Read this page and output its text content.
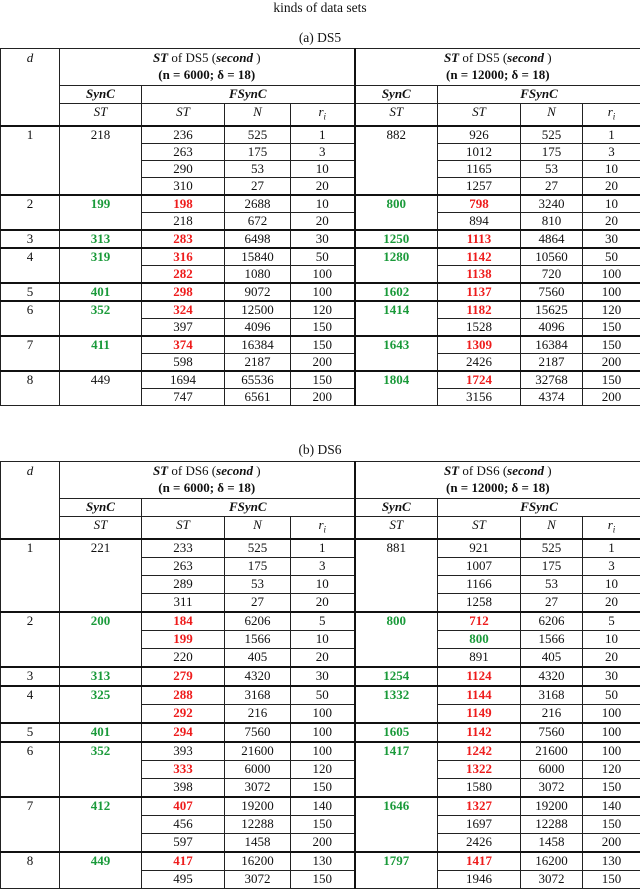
kinds of data sets
(a) DS5
d	ST of DS5 (second )
(n = 6000; δ = 18)				ST of DS5 (second )
(n = 12000; δ = 18)			
	SynC	FSynC			SynC	FSynC		
	ST	ST	N	$r_i$	ST	ST	N	$r_i$
1	218	236	525	1	882	926	525	1
		263	175	3		1012	175	3
		290	53	10		1165	53	10
		310	27	20		1257	27	20
2	199	198	2688	10	800	798	3240	10
		218	672	20		894	810	20
3	313	283	6498	30	1250	1113	4864	30
4	319	316	15840	50	1280	1142	10560	50
		282	1080	100		1138	720	100
5	401	298	9072	100	1602	1137	7560	100
6	352	324	12500	120	1414	1182	15625	120
		397	4096	150		1528	4096	150
7	411	374	16384	150	1643	1309	16384	150
		598	2187	200		2426	2187	200
8	449	1694	65536	150	1804	1724	32768	150
		747	6561	200		3156	4374	200
(b) DS6
d	ST of DS6 (second )
(n = 6000; δ = 18)				ST of DS6 (second )
(n = 12000; δ = 18)			
	SynC	FSynC			SynC	FSynC		
	ST	ST	N	$r_i$	ST	ST	N	$r_i$
1	221	233	525	1	881	921	525	1
		263	175	3		1007	175	3
		289	53	10		1166	53	10
		311	27	20		1258	27	20
2	200	184	6206	5	800	712	6206	5
		199	1566	10		800	1566	10
		220	405	20		891	405	20
3	313	279	4320	30	1254	1124	4320	30
4	325	288	3168	50	1332	1144	3168	50
		292	216	100		1149	216	100
5	401	294	7560	100	1605	1142	7560	100
6	352	393	21600	100	1417	1242	21600	100
		333	6000	120		1322	6000	120
		398	3072	150		1580	3072	150
7	412	407	19200	140	1646	1327	19200	140
		456	12288	150		1697	12288	150
		597	1458	200		2426	1458	200
8	449	417	16200	130	1797	1417	16200	130
		495	3072	150		1946	3072	150
